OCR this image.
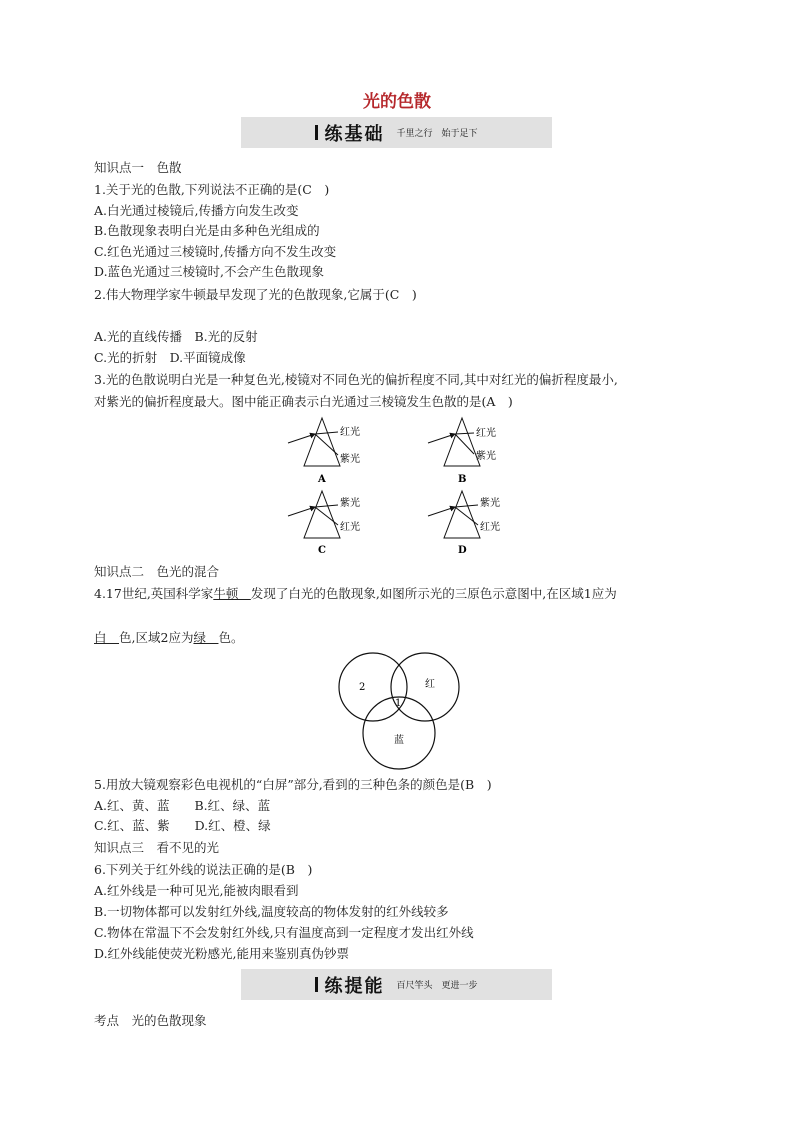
光的色散
练基础 千里之行　始于足下
知识点一　色散
1.关于光的色散,下列说法不正确的是(C　)
A.白光通过棱镜后,传播方向发生改变
B.色散现象表明白光是由多种色光组成的
C.红色光通过三棱镜时,传播方向不发生改变
D.蓝色光通过三棱镜时,不会产生色散现象
2.伟大物理学家牛顿最早发现了光的色散现象,它属于(C　)
A.光的直线传播　B.光的反射
C.光的折射　D.平面镜成像
3.光的色散说明白光是一种复色光,棱镜对不同色光的偏折程度不同,其中对红光的偏折程度最小,
对紫光的偏折程度最大。图中能正确表示白光通过三棱镜发生色散的是(A　)
红光
紫光
A
红光
紫光
B
紫光
红光
C
紫光
红光
D
知识点二　色光的混合
4.17世纪,英国科学家牛顿　发现了白光的色散现象,如图所示光的三原色示意图中,在区域1应为
白　色,区域2应为绿　色。
2
1
红
蓝
5.用放大镜观察彩色电视机的“白屏”部分,看到的三种色条的颜色是(B　)
A.红、黄、蓝　　B.红、绿、蓝
C.红、蓝、紫　　D.红、橙、绿
知识点三　看不见的光
6.下列关于红外线的说法正确的是(B　)
A.红外线是一种可见光,能被肉眼看到
B.一切物体都可以发射红外线,温度较高的物体发射的红外线较多
C.物体在常温下不会发射红外线,只有温度高到一定程度才发出红外线
D.红外线能使荧光粉感光,能用来鉴别真伪钞票
练提能 百尺竿头　更进一步
考点　光的色散现象
